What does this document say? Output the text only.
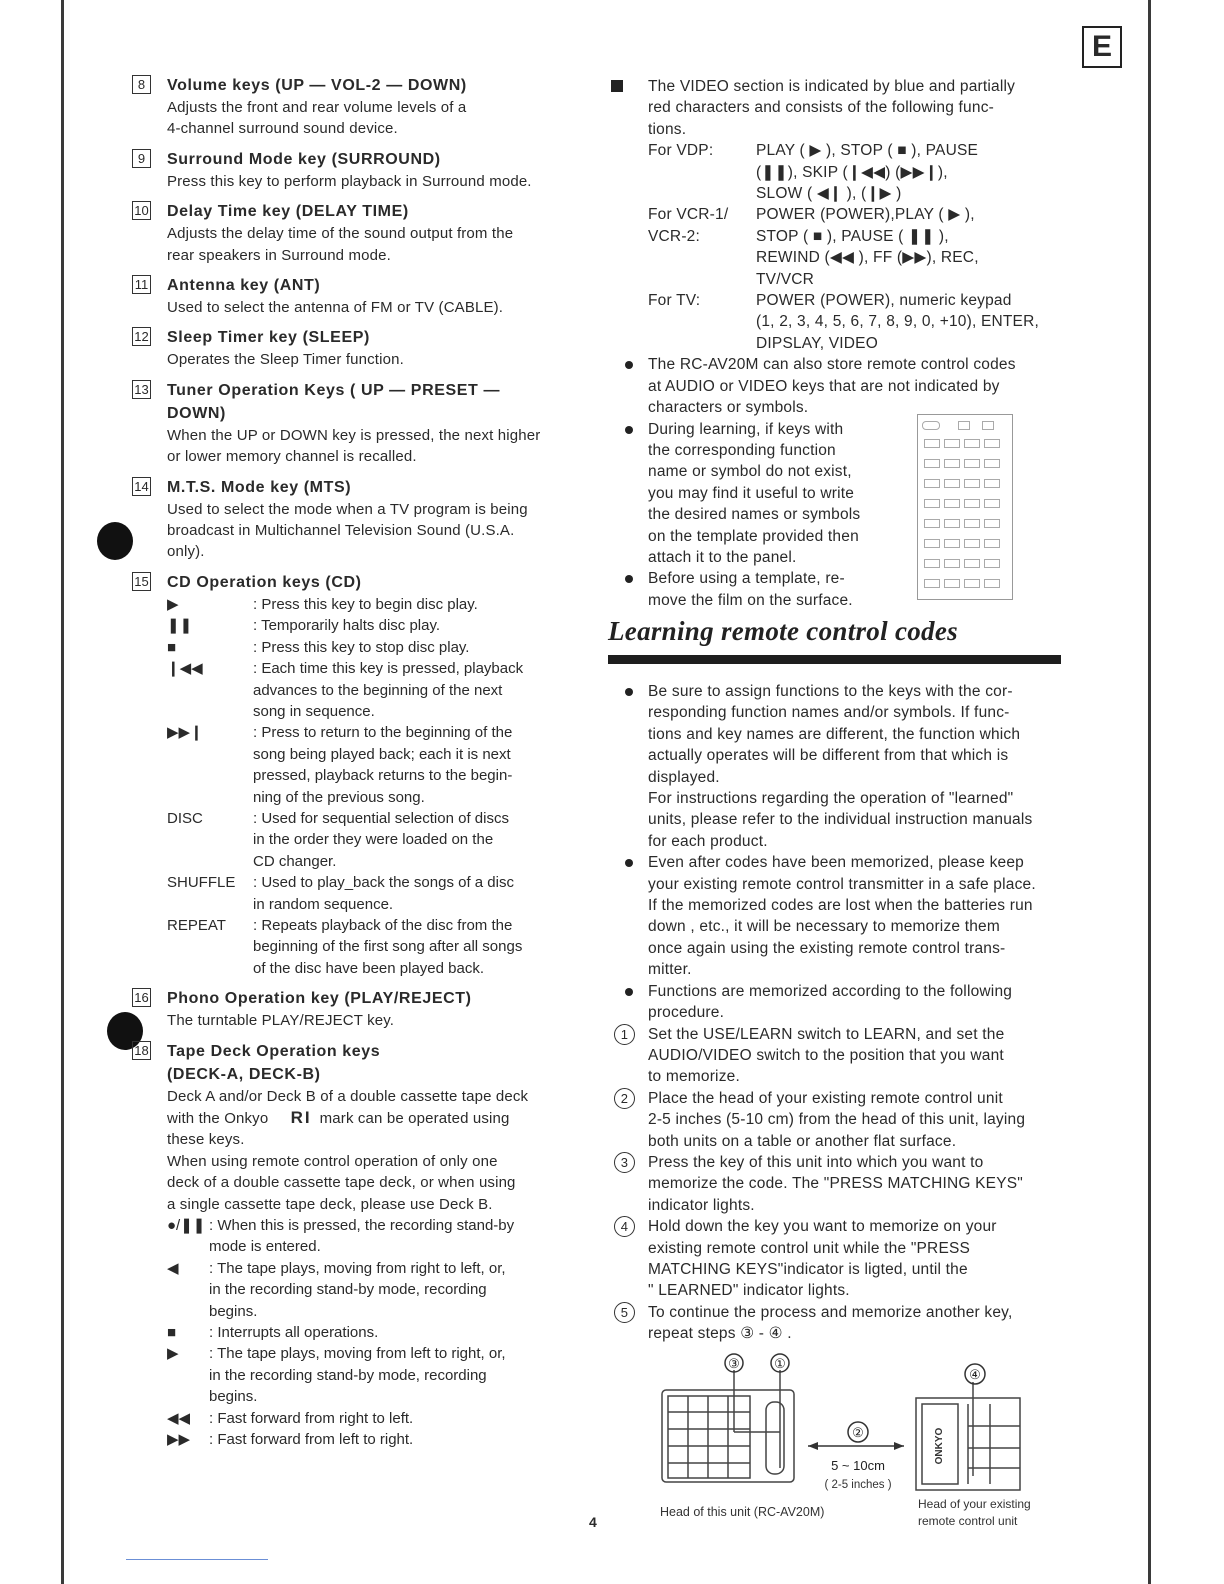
E
8	Volume keys (UP — VOL-2 — DOWN)
Adjusts the front and rear volume levels of a
4-channel surround sound device.
9	Surround Mode key (SURROUND)
Press this key to perform playback in Surround mode.
10 Delay Time key (DELAY TIME)
Adjusts the delay time of the sound output from the
rear speakers in Surround mode.
11 Antenna key (ANT)
Used to select the antenna of FM or TV (CABLE).
12 Sleep Timer key (SLEEP)
Operates the Sleep Timer function.
13 Tuner Operation Keys ( UP — PRESET —
DOWN)
When the UP or DOWN key is pressed, the next higher
or lower memory channel is recalled.
14 M.T.S. Mode key (MTS)
Used to select the mode when a TV program is being
broadcast in Multichannel Television Sound (U.S.A.
only).
15 CD Operation keys (CD)
▶	: Press this key to begin disc play.
❚❚	: Temporarily halts disc play.
■	: Press this key to stop disc play.
❙◀◀	: Each time this key is pressed, playback
advances to the beginning of the next
song in sequence.
▶▶❙	: Press to return to the beginning of the
song being played back; each it is next
pressed, playback returns to the begin-
ning of the previous song.
DISC	: Used for sequential selection of discs
in the order they were loaded on the
CD changer.
SHUFFLE	: Used to play_back the songs of a disc
in random sequence.
REPEAT	: Repeats playback of the disc from the
beginning of the first song after all songs
of the disc have been played back.
16 Phono Operation key (PLAY/REJECT)
The turntable PLAY/REJECT key.
18 Tape Deck Operation keys
(DECK-A, DECK-B)
Deck A and/or Deck B of a double cassette tape deck
with the Onkyo RI mark can be operated using
these keys.
When using remote control operation of only one
deck of a double cassette tape deck, or when using
a single cassette tape deck, please use Deck B.
●/❚❚ : When this is pressed, the recording stand-by
mode is entered.
◀	: The tape plays, moving from right to left, or,
in the recording stand-by mode, recording
begins.
■	: Interrupts all operations.
▶	: The tape plays, moving from left to right, or,
in the recording stand-by mode, recording
begins.
◀◀	: Fast forward from right to left.
▶▶	: Fast forward from left to right.
The VIDEO section is indicated by blue and partially
red characters and consists of the following func-
tions.
For VDP:	PLAY ( ▶ ), STOP ( ■ ), PAUSE
(❚❚), SKIP (❙◀◀) (▶▶❙),
SLOW ( ◀❙ ), (❙▶ )
For VCR-1/
VCR-2:
POWER (POWER),PLAY ( ▶ ),
STOP ( ■ ), PAUSE ( ❚❚ ),
REWIND (◀◀ ), FF (▶▶), REC,
TV/VCR
For TV:	POWER (POWER), numeric keypad
(1, 2, 3, 4, 5, 6, 7, 8, 9, 0, +10), ENTER,
DIPSLAY, VIDEO
The RC-AV20M can also store remote control codes
at AUDIO or VIDEO keys that are not indicated by
characters or symbols.
During learning, if keys with
the corresponding function
name or symbol do not exist,
you may find it useful to write
the desired names or symbols
on the template provided then
attach it to the panel.
Before using a template, re-
move the film on the surface.
Learning remote control codes
Be sure to assign functions to the keys with the cor-
responding function names and/or symbols. If func-
tions and key names are different, the function which
actually operates will be different from that which is
displayed.
For instructions regarding the operation of "learned"
units, please refer to the individual instruction manuals
for each product.
Even after codes have been memorized, please keep
your existing remote control transmitter in a safe place.
If the memorized codes are lost when the batteries run
down , etc., it will be necessary to memorize them
once again using the existing remote control trans-
mitter.
Functions are memorized according to the following
procedure.
1	Set the USE/LEARN switch to LEARN, and set the
AUDIO/VIDEO switch to the position that you want
to memorize.
2	Place the head of your existing remote control unit
2-5 inches (5-10 cm) from the head of this unit, laying
both units on a table or another flat surface.
3	Press the key of this unit into which you want to
memorize the code. The "PRESS MATCHING KEYS"
indicator lights.
4	Hold down the key you want to memorize on your
existing remote control unit while the "PRESS
MATCHING KEYS"indicator is ligted, until the
" LEARNED" indicator lights.
5	To continue the process and memorize another key,
repeat steps ③ - ④ .
③	①
②
5 ~ 10cm
( 2-5 inches )
ONKYO
④
Head of this unit (RC-AV20M)
Head of your existing
remote control unit
4
